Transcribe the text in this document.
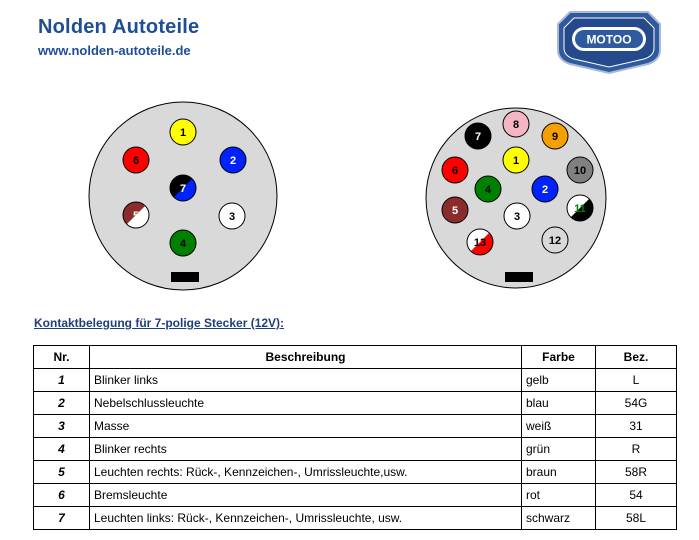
Nolden Autoteile
www.nolden-autoteile.de
MOTOO
1
2
3
4
5
6
7
1
2
3
4
5
6
7
8
9
10
11
12
13
Kontaktbelegung für 7-polige Stecker (12V):
Nr.	Beschreibung	Farbe	Bez.
1	Blinker links	gelb	L
2	Nebelschlussleuchte	blau	54G
3	Masse	weiß	31
4	Blinker rechts	grün	R
5	Leuchten rechts: Rück-, Kennzeichen-, Umrissleuchte,usw.	braun	58R
6	Bremsleuchte	rot	54
7	Leuchten links: Rück-, Kennzeichen-, Umrissleuchte, usw.	schwarz	58L
